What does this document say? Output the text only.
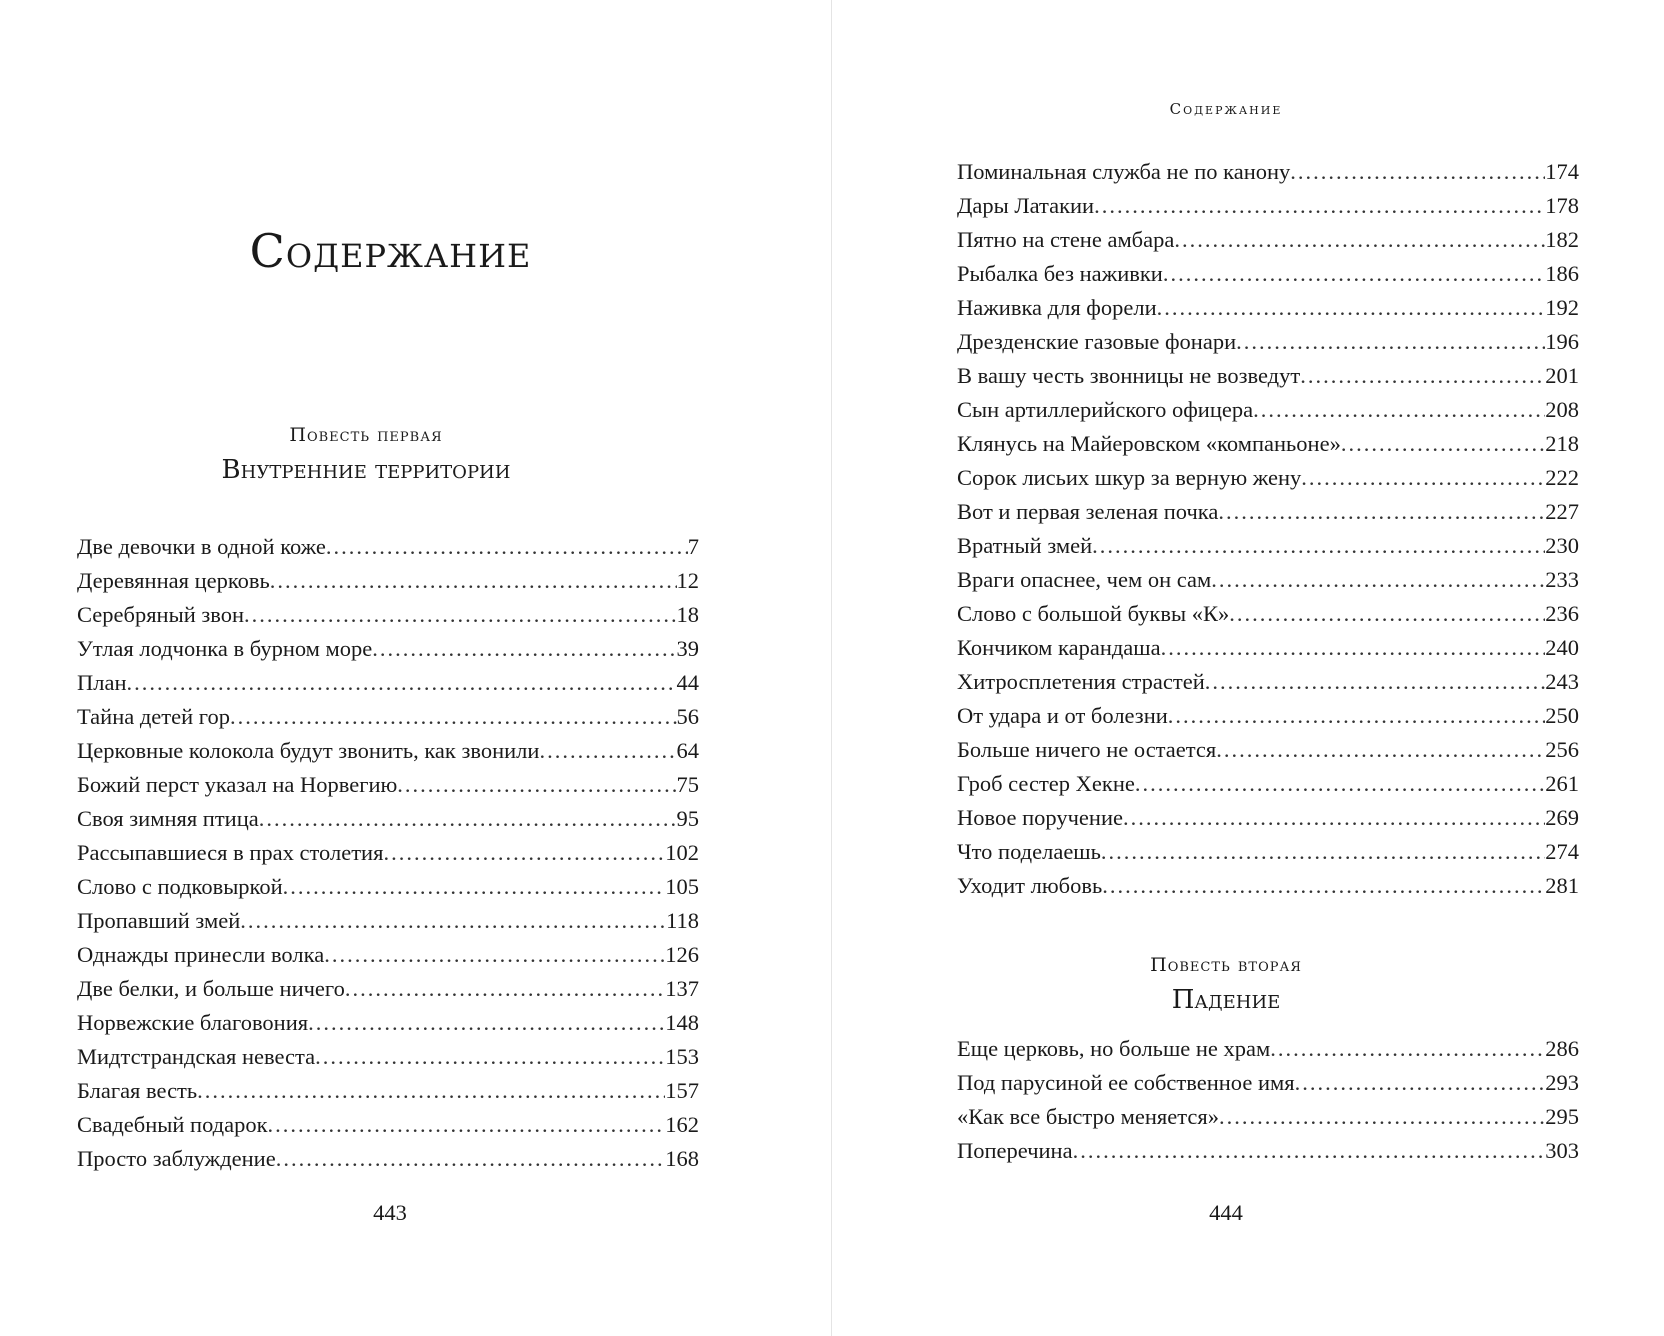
Содержание
Повесть первая
Внутренние территории
Две девочки в одной коже .....	7
Деревянная церковь .....	12
Серебряный звон .....	18
Утлая лодчонка в бурном море .....	39
План .....	44
Тайна детей гор .....	56
Церковные колокола будут звонить, как звонили .....	64
Божий перст указал на Норвегию .....	75
Своя зимняя птица .....	95
Рассыпавшиеся в прах столетия .....	102
Слово с подковыркой .....	105
Пропавший змей .....	118
Однажды принесли волка .....	126
Две белки, и больше ничего .....	137
Норвежские благовония .....	148
Мидтстрандская невеста .....	153
Благая весть .....	157
Свадебный подарок .....	162
Просто заблуждение .....	168
443
Содержание
Поминальная служба не по канону .....	174
Дары Латакии .....	178
Пятно на стене амбара .....	182
Рыбалка без наживки .....	186
Наживка для форели .....	192
Дрезденские газовые фонари .....	196
В вашу честь звонницы не возведут .....	201
Сын артиллерийского офицера .....	208
Клянусь на Майеровском «компаньоне» .....	218
Сорок лисьих шкур за верную жену .....	222
Вот и первая зеленая почка .....	227
Вратный змей .....	230
Враги опаснее, чем он сам .....	233
Слово с большой буквы «К» .....	236
Кончиком карандаша .....	240
Хитросплетения страстей .....	243
От удара и от болезни .....	250
Больше ничего не остается .....	256
Гроб сестер Хекне .....	261
Новое поручение .....	269
Что поделаешь .....	274
Уходит любовь .....	281
Повесть вторая
Падение
Еще церковь, но больше не храм .....	286
Под парусиной ее собственное имя .....	293
«Как все быстро меняется» .....	295
Поперечина .....	303
444
